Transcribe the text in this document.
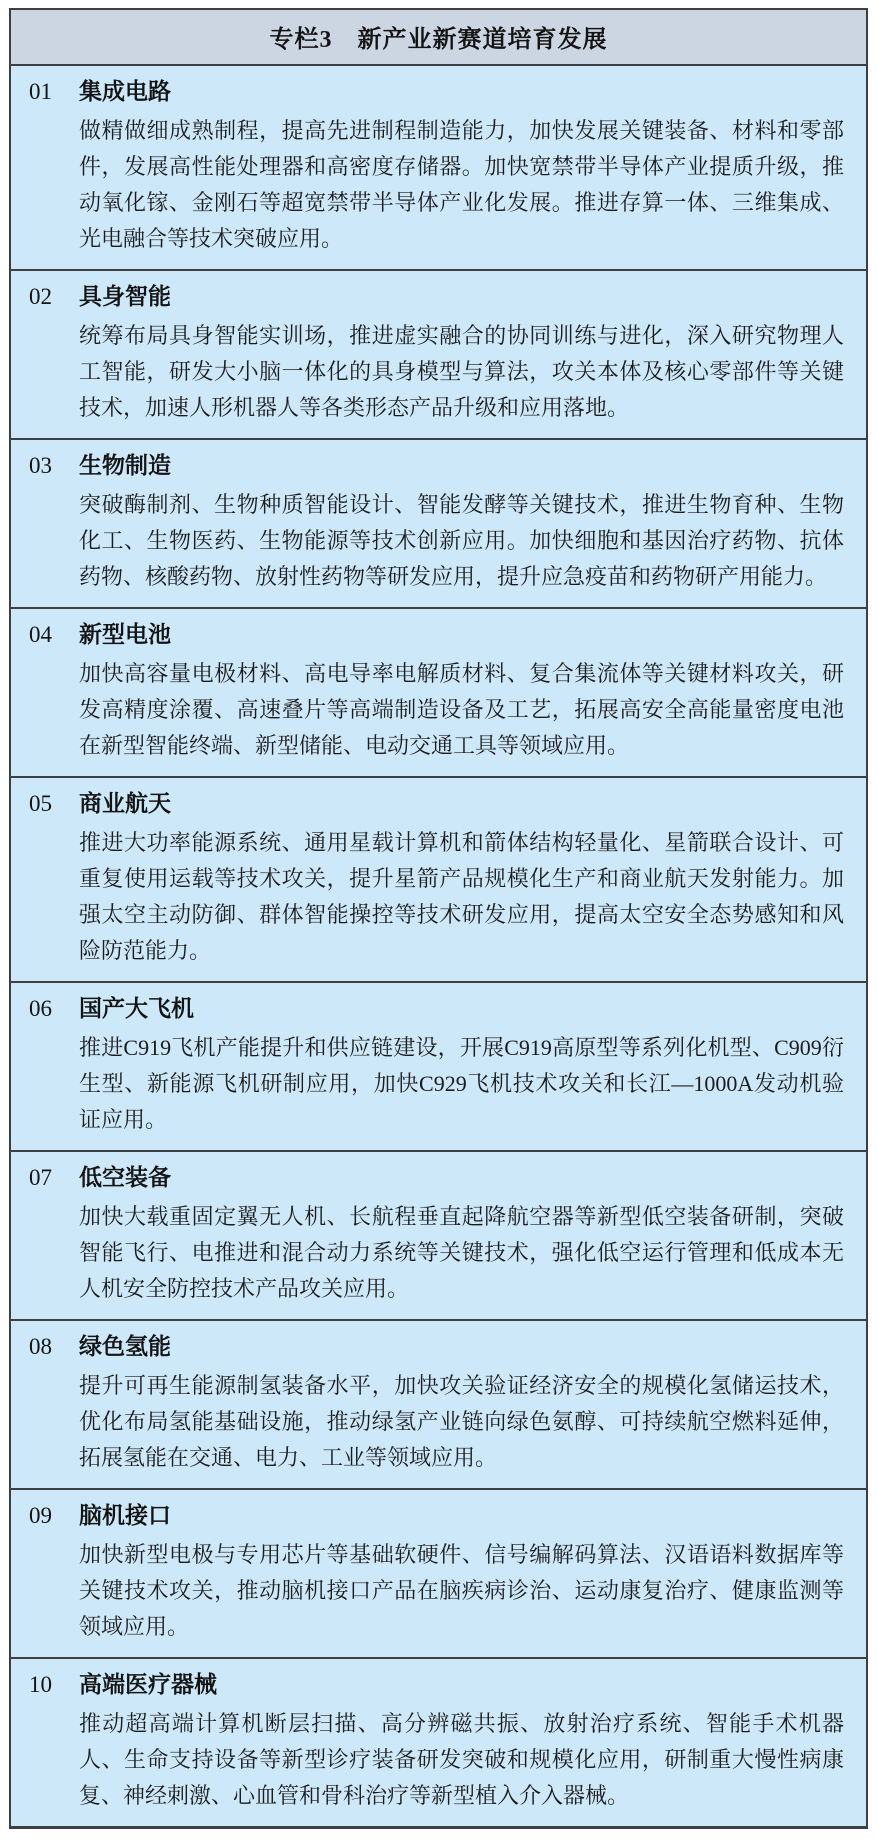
专栏3　新产业新赛道培育发展
01 集成电路

做精做细成熟制程，提高先进制程制造能力，加快发展关键装备、材料和零部件，发展高性能处理器和高密度存储器。加快宽禁带半导体产业提质升级，推动氧化镓、金刚石等超宽禁带半导体产业化发展。推进存算一体、三维集成、光电融合等技术突破应用。

02 具身智能

统筹布局具身智能实训场，推进虚实融合的协同训练与进化，深入研究物理人工智能，研发大小脑一体化的具身模型与算法，攻关本体及核心零部件等关键技术，加速人形机器人等各类形态产品升级和应用落地。

03 生物制造

突破酶制剂、生物种质智能设计、智能发酵等关键技术，推进生物育种、生物化工、生物医药、生物能源等技术创新应用。加快细胞和基因治疗药物、抗体药物、核酸药物、放射性药物等研发应用，提升应急疫苗和药物研产用能力。

04 新型电池

加快高容量电极材料、高电导率电解质材料、复合集流体等关键材料攻关，研发高精度涂覆、高速叠片等高端制造设备及工艺，拓展高安全高能量密度电池在新型智能终端、新型储能、电动交通工具等领域应用。

05 商业航天

推进大功率能源系统、通用星载计算机和箭体结构轻量化、星箭联合设计、可重复使用运载等技术攻关，提升星箭产品规模化生产和商业航天发射能力。加强太空主动防御、群体智能操控等技术研发应用，提高太空安全态势感知和风险防范能力。

06 国产大飞机

推进C919飞机产能提升和供应链建设，开展C919高原型等系列化机型、C909衍生型、新能源飞机研制应用，加快C929飞机技术攻关和长江—1000A发动机验证应用。

07 低空装备

加快大载重固定翼无人机、长航程垂直起降航空器等新型低空装备研制，突破智能飞行、电推进和混合动力系统等关键技术，强化低空运行管理和低成本无人机安全防控技术产品攻关应用。

08 绿色氢能

提升可再生能源制氢装备水平，加快攻关验证经济安全的规模化氢储运技术，优化布局氢能基础设施，推动绿氢产业链向绿色氨醇、可持续航空燃料延伸，拓展氢能在交通、电力、工业等领域应用。

09 脑机接口

加快新型电极与专用芯片等基础软硬件、信号编解码算法、汉语语料数据库等关键技术攻关，推动脑机接口产品在脑疾病诊治、运动康复治疗、健康监测等领域应用。

10 高端医疗器械

推动超高端计算机断层扫描、高分辨磁共振、放射治疗系统、智能手术机器人、生命支持设备等新型诊疗装备研发突破和规模化应用，研制重大慢性病康复、神经刺激、心血管和骨科治疗等新型植入介入器械。
